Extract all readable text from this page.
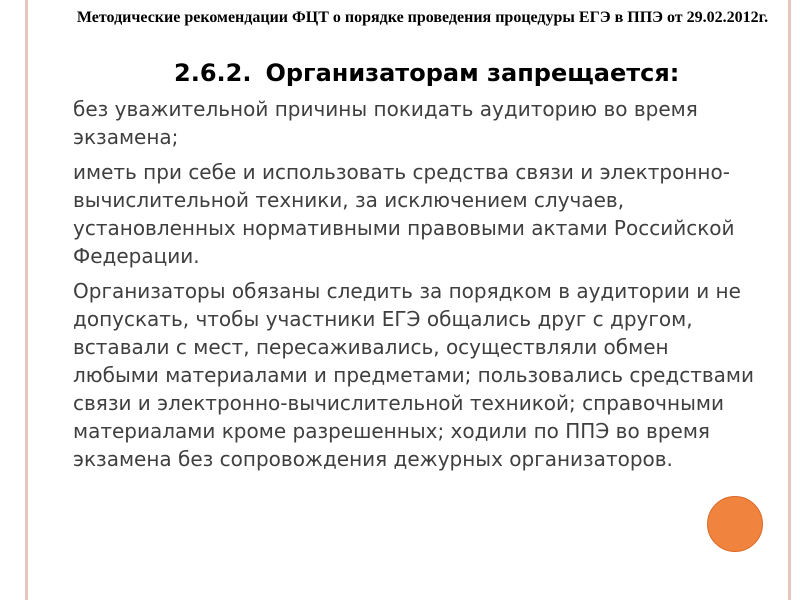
Методические рекомендации ФЦТ о порядке проведения процедуры ЕГЭ в ППЭ от 29.02.2012г.

2.6.2. Организаторам запрещается:
без уважительной причины покидать аудиторию во время экзамена;
иметь при себе и использовать средства связи и электронно-вычислительной техники, за исключением случаев, установленных нормативными правовыми актами Российской Федерации.
Организаторы обязаны следить за порядком в аудитории и не допускать, чтобы участники ЕГЭ общались друг с другом, вставали с мест, пересаживались, осуществляли обмен любыми материалами и предметами; пользовались средствами связи и электронно-вычислительной техникой; справочными материалами кроме разрешенных; ходили по ППЭ во время экзамена без сопровождения дежурных организаторов.
